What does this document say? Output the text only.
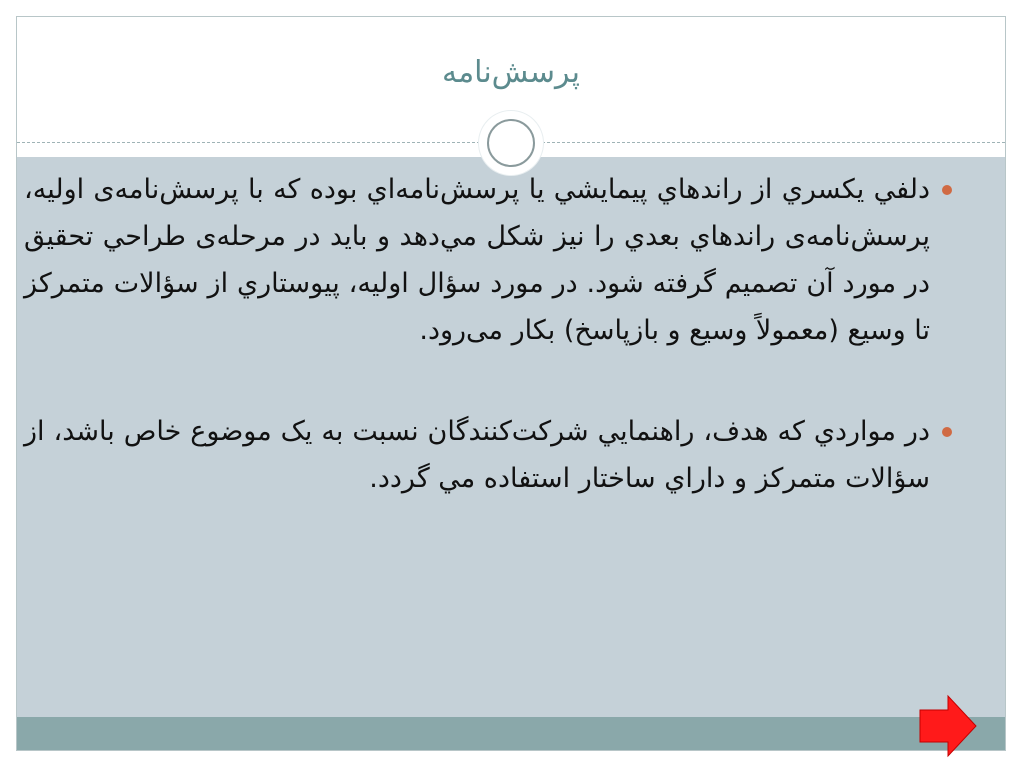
پرسش‌نامه
دلفي يكسري از راندهاي پيمايشي يا پرسش‌نامه‌اي بوده كه با پرسش‌نامه‌ی اوليه، پرسش‌نامه‌ی راندهاي بعدي را نيز شكل مي‌دهد و بايد در مرحله‌ی طراحي تحقيق در مورد آن تصميم گرفته شود. در مورد سؤال اوليه، پيوستاري از سؤالات متمركز تا وسيع (معمولاً وسيع و بازپاسخ) بكار می‌رود.
در مواردي كه هدف، راهنمايي شركت‌كنندگان نسبت به یک موضوع خاص باشد، از سؤالات متمركز و داراي ساختار استفاده مي گردد.
